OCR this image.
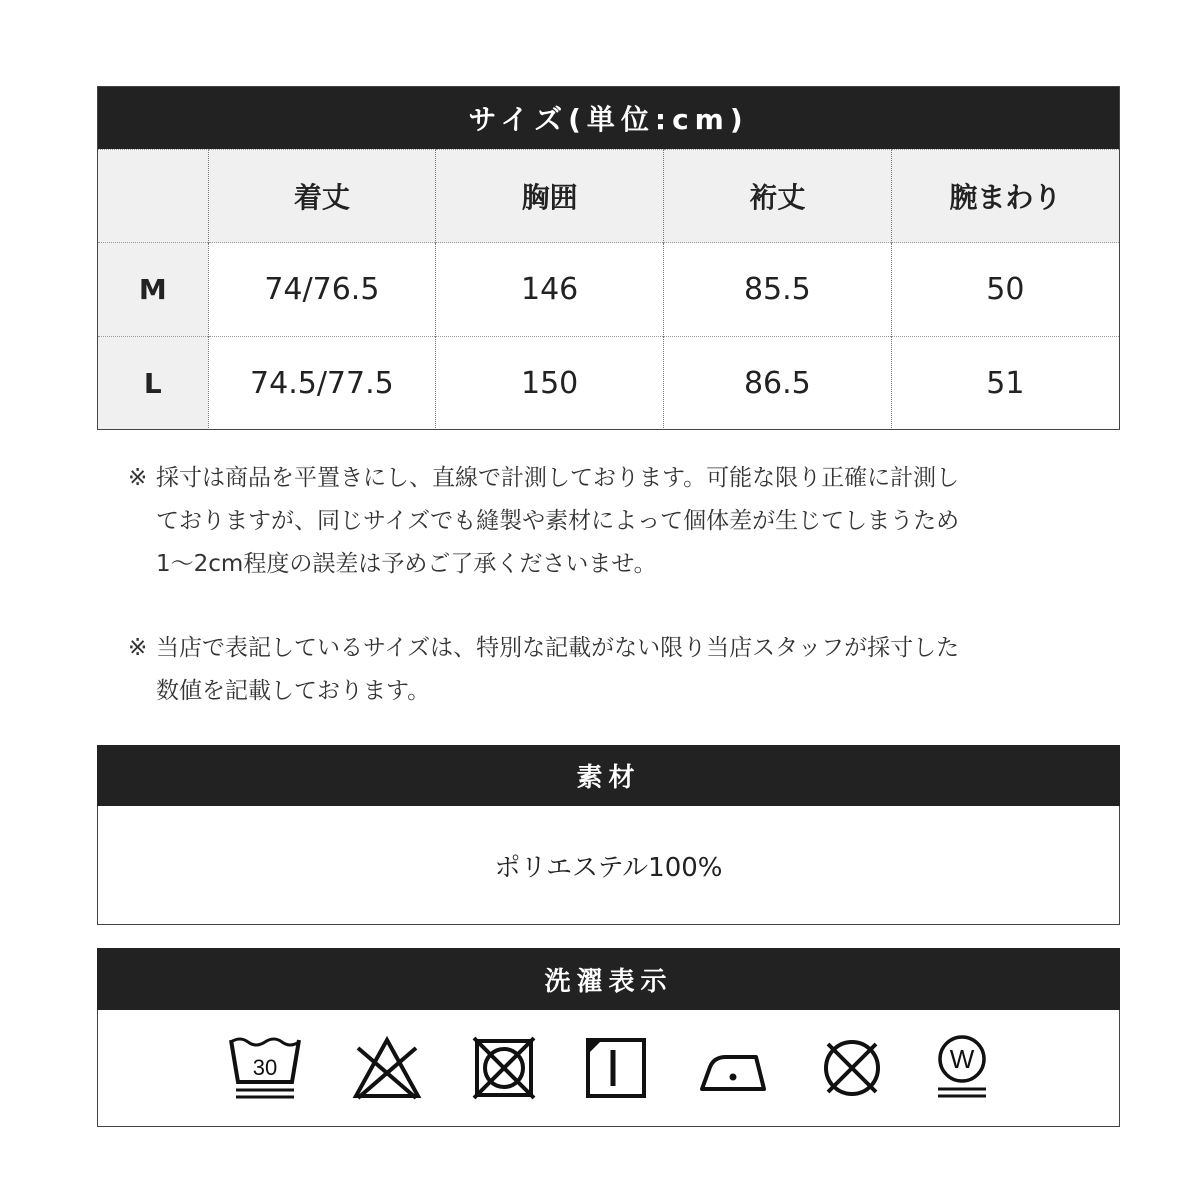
サイズ(単位:cm)
	着丈	胸囲	裄丈	腕まわり
M	74/76.5	146	85.5	50
L	74.5/77.5	150	86.5	51
※ 採寸は商品を平置きにし、直線で計測しております。可能な限り正確に計測し
ておりますが、同じサイズでも縫製や素材によって個体差が生じてしまうため
1〜2cm程度の誤差は予めご了承くださいませ。
※ 当店で表記しているサイズは、特別な記載がない限り当店スタッフが採寸した
数値を記載しております。
素材
ポリエステル100%
洗濯表示
30	W
